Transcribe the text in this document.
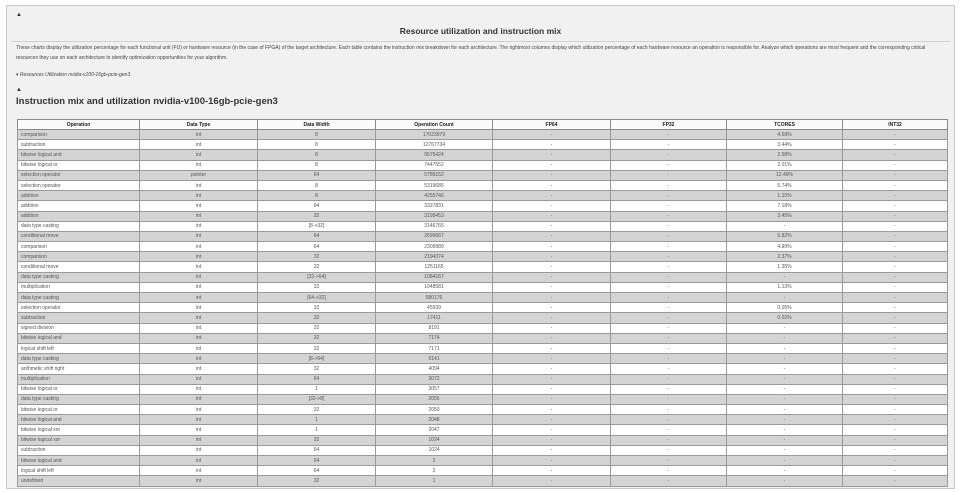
▲
Resource utilization and instruction mix
These charts display the utilization percentage for each functional unit (FU) or hardware resource (in the case of FPGA) of the target architecture. Each table contains the instruction mix breakdown for each architecture. The rightmost columns display which utilization percentage of each hardware resource an operation is responsible for. Analyze which operations are most frequent and the corresponding critical resources they use on each architecture to identify optimization opportunities for your algorithm.
▾ Resources Utilization nvidia-v100-16gb-pcie-gen3
▲
Instruction mix and utilization nvidia-v100-16gb-pcie-gen3
Operation	Data Type	Data Width	Operation Count	FP64	FP32	TCORES	INT32
comparison	int	8	17023979	-	-	4.59%	-
subtraction	int	8	12767734	-	-	3.44%	-
bitwise logical and	int	8	9575424	-	-	2.58%	-
bitwise logical or	int	8	7447552	-	-	2.01%	-
selection operator	pointer	64	5785152	-	-	12.49%	-
selection operator	int	8	5319685	-	-	5.74%	-
addition	int	8	4255746	-	-	1.15%	-
addition	int	64	3327831	-	-	7.18%	-
addition	int	32	3195453	-	-	3.45%	-
data type casting	int	[8->32]	3146765	-	-	-	-
conditional move	int	64	2699667	-	-	5.82%	-
comparison	int	64	2309989	-	-	4.99%	-
comparison	int	32	2194374	-	-	2.37%	-
conditional move	int	32	1251165	-	-	1.35%	-
data type casting	int	[32->64]	1084167	-	-	-	-
multiplication	int	32	1048581	-	-	1.13%	-
data type casting	int	[64->32]	580176	-	-	-	-
selection operator	int	32	45939	-	-	0.05%	-
subtraction	int	32	17411	-	-	0.02%	-
signed division	int	32	8191	-	-	-	-
bitwise logical and	int	32	7174	-	-	-	-
logical shift left	int	32	7171	-	-	-	-
data type casting	int	[8->64]	6141	-	-	-	-
arithmetic shift right	int	32	4094	-	-	-	-
multiplication	int	64	3072	-	-	-	-
bitwise logical or	int	1	3057	-	-	-	-
data type casting	int	[32->8]	2055	-	-	-	-
bitwise logical or	int	32	2050	-	-	-	-
bitwise logical and	int	1	2048	-	-	-	-
bitwise logical xor	int	1	2047	-	-	-	-
bitwise logical xor	int	32	1024	-	-	-	-
subtraction	int	64	1024	-	-	-	-
bitwise logical and	int	64	2	-	-	-	-
logical shift left	int	64	2	-	-	-	-
undefined	int	32	1	-	-	-	-
